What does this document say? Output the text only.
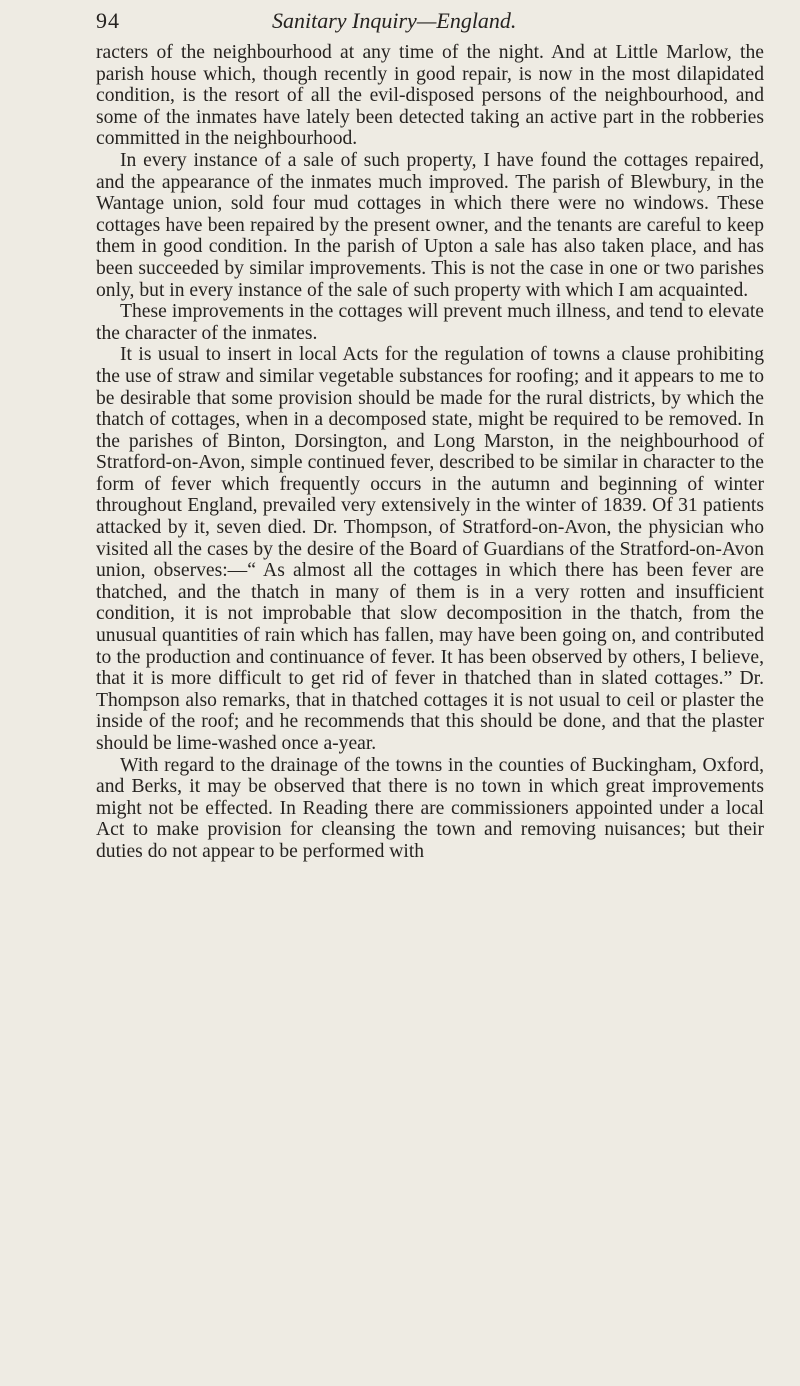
94	Sanitary Inquiry—England.

racters of the neighbourhood at any time of the night. And at Little Marlow, the parish house which, though recently in good repair, is now in the most dilapidated condition, is the resort of all the evil-disposed persons of the neighbourhood, and some of the inmates have lately been detected taking an active part in the robberies committed in the neighbourhood.

In every instance of a sale of such property, I have found the cottages repaired, and the appearance of the inmates much improved. The parish of Blewbury, in the Wantage union, sold four mud cottages in which there were no windows. These cottages have been repaired by the present owner, and the tenants are careful to keep them in good condition. In the parish of Upton a sale has also taken place, and has been succeeded by similar improvements. This is not the case in one or two parishes only, but in every instance of the sale of such property with which I am acquainted.

These improvements in the cottages will prevent much illness, and tend to elevate the character of the inmates.

It is usual to insert in local Acts for the regulation of towns a clause prohibiting the use of straw and similar vegetable substances for roofing; and it appears to me to be desirable that some provision should be made for the rural districts, by which the thatch of cottages, when in a decomposed state, might be required to be removed. In the parishes of Binton, Dorsington, and Long Marston, in the neighbourhood of Stratford-on-Avon, simple continued fever, described to be similar in character to the form of fever which frequently occurs in the autumn and beginning of winter throughout England, prevailed very extensively in the winter of 1839. Of 31 patients attacked by it, seven died. Dr. Thompson, of Stratford-on-Avon, the physician who visited all the cases by the desire of the Board of Guardians of the Stratford-on-Avon union, observes:—“ As almost all the cottages in which there has been fever are thatched, and the thatch in many of them is in a very rotten and insufficient condition, it is not improbable that slow decomposition in the thatch, from the unusual quantities of rain which has fallen, may have been going on, and contributed to the production and continuance of fever. It has been observed by others, I believe, that it is more difficult to get rid of fever in thatched than in slated cottages.” Dr. Thompson also remarks, that in thatched cottages it is not usual to ceil or plaster the inside of the roof; and he recommends that this should be done, and that the plaster should be lime-washed once a-year.

With regard to the drainage of the towns in the counties of Buckingham, Oxford, and Berks, it may be observed that there is no town in which great improvements might not be effected. In Reading there are commissioners appointed under a local Act to make provision for cleansing the town and removing nuisances; but their duties do not appear to be performed with
